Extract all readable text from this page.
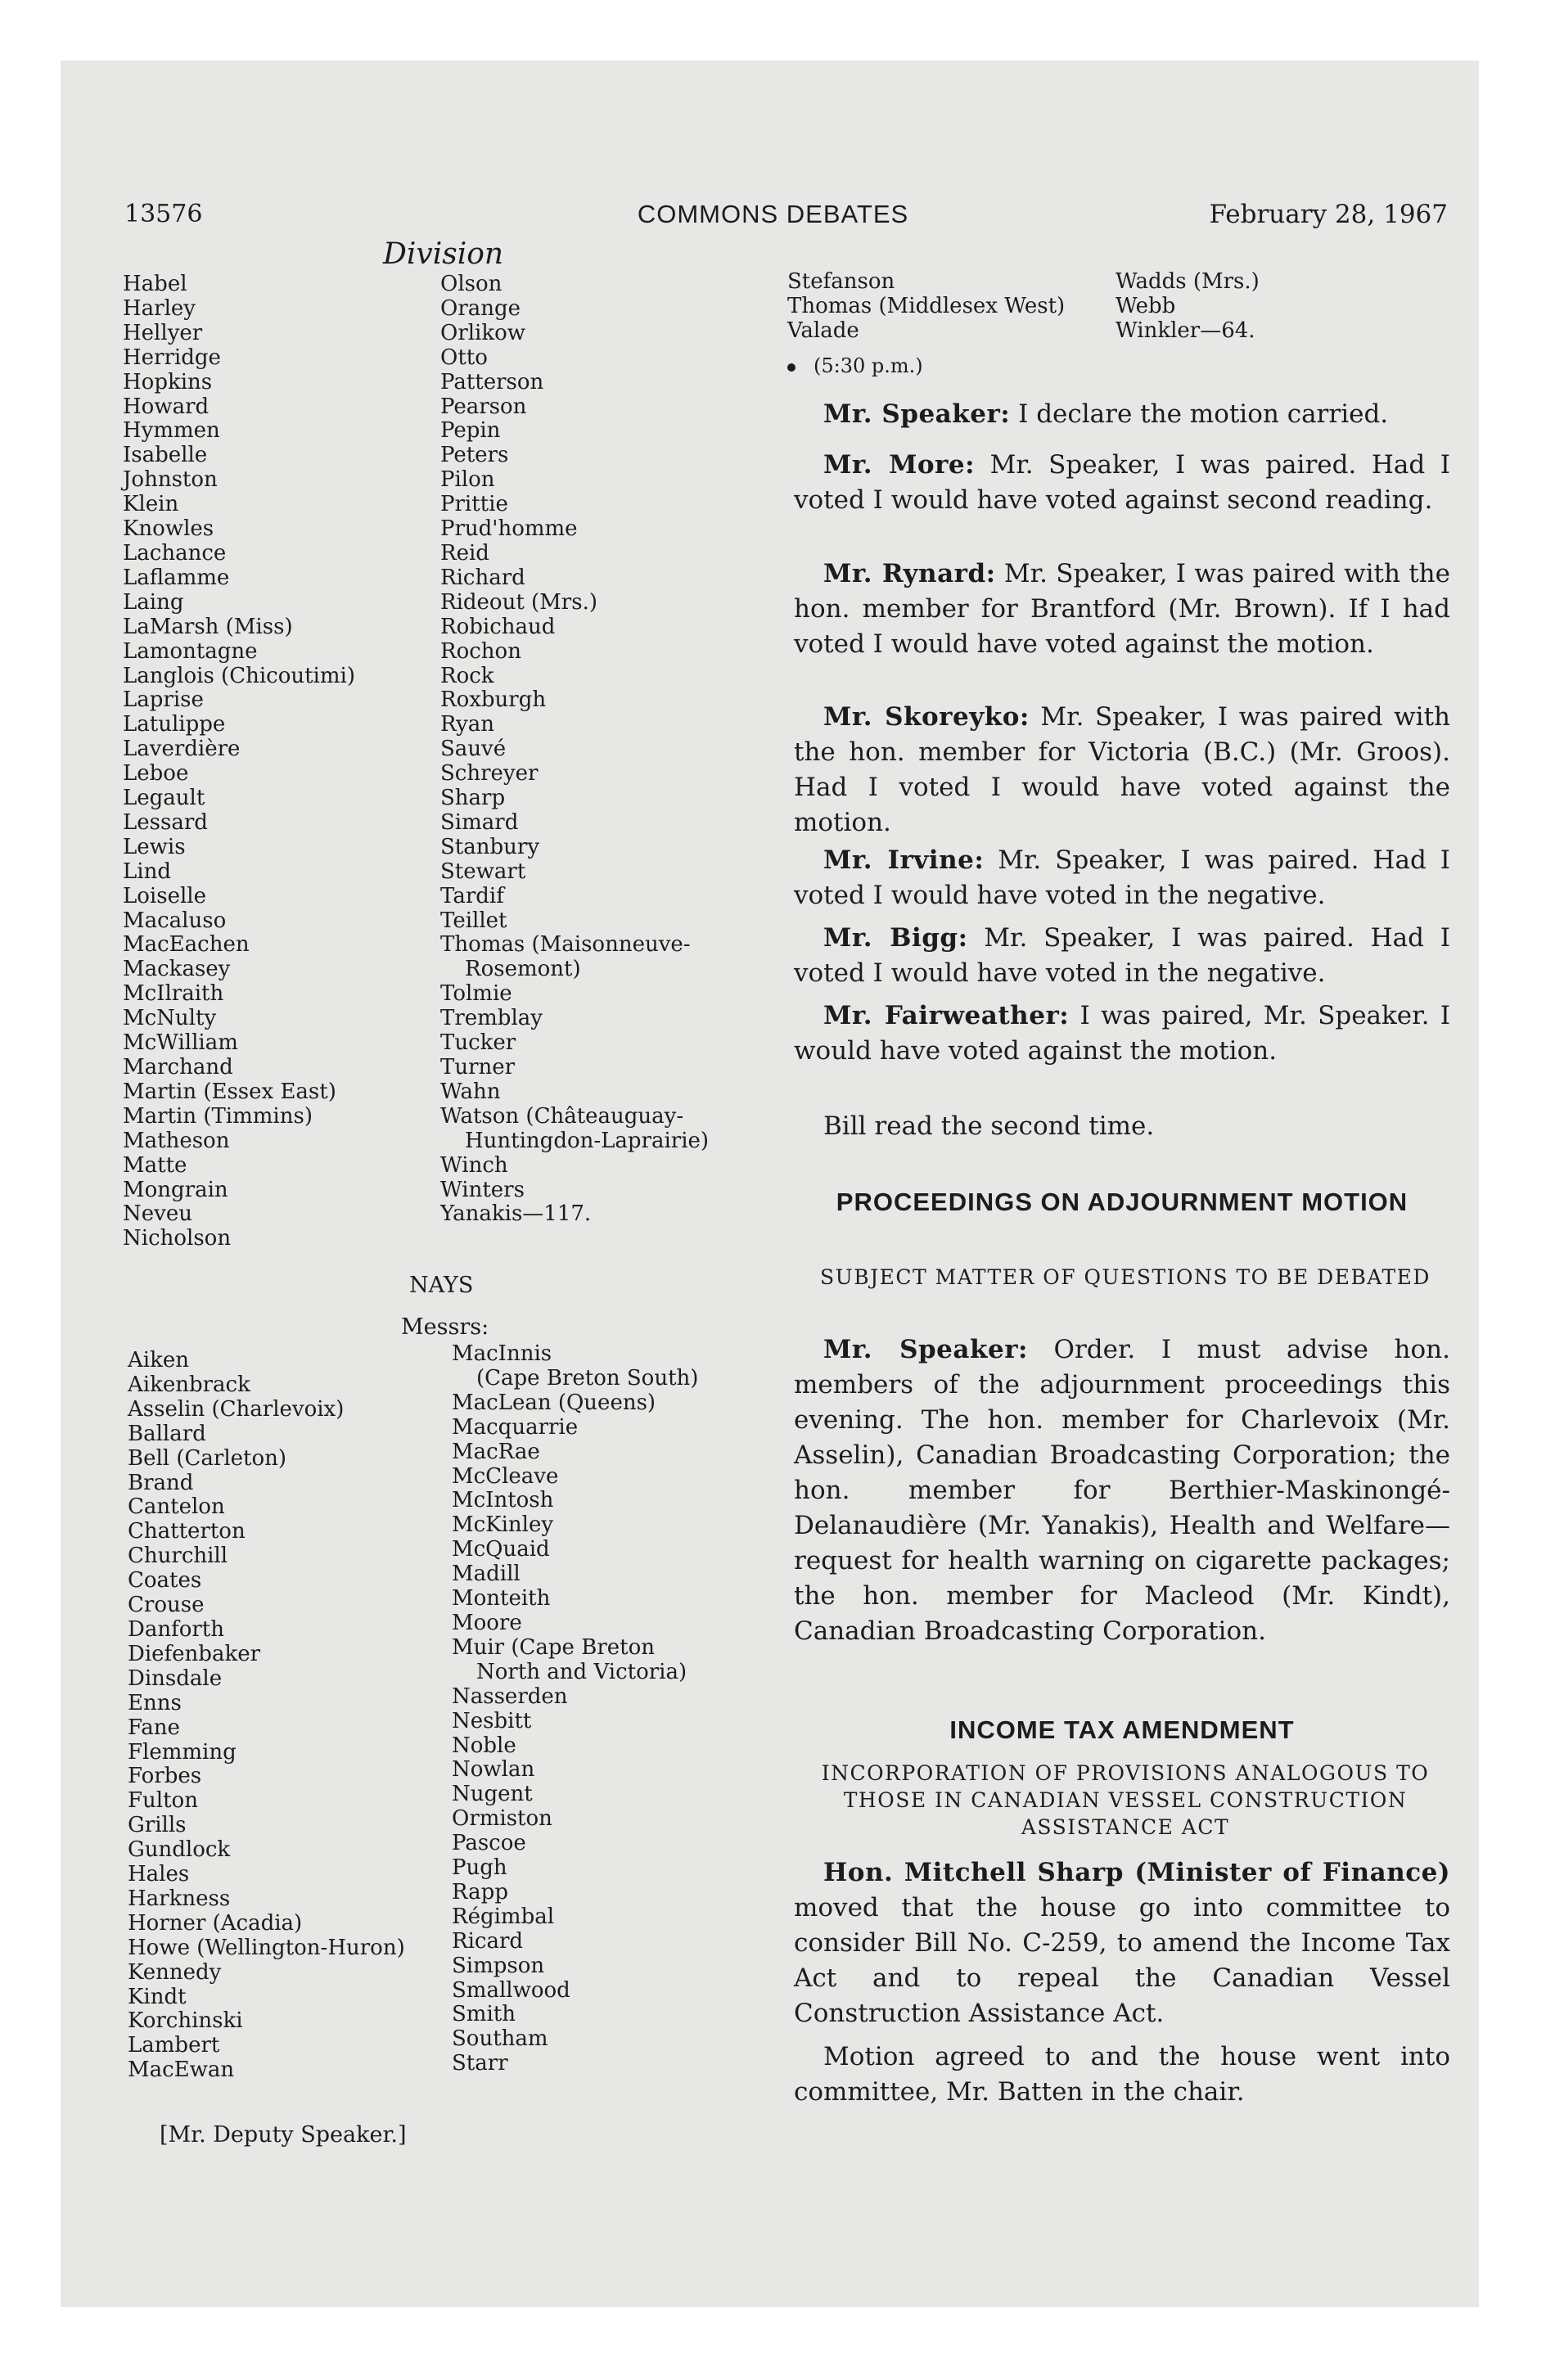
13576	COMMONS DEBATES	February 28, 1967
Division
Habel
Harley
Hellyer
Herridge
Hopkins
Howard
Hymmen
Isabelle
Johnston
Klein
Knowles
Lachance
Laflamme
Laing
LaMarsh (Miss)
Lamontagne
Langlois (Chicoutimi)
Laprise
Latulippe
Laverdière
Leboe
Legault
Lessard
Lewis
Lind
Loiselle
Macaluso
MacEachen
Mackasey
McIlraith
McNulty
McWilliam
Marchand
Martin (Essex East)
Martin (Timmins)
Matheson
Matte
Mongrain
Neveu
Nicholson
Olson
Orange
Orlikow
Otto
Patterson
Pearson
Pepin
Peters
Pilon
Prittie
Prud'homme
Reid
Richard
Rideout (Mrs.)
Robichaud
Rochon
Rock
Roxburgh
Ryan
Sauvé
Schreyer
Sharp
Simard
Stanbury
Stewart
Tardif
Teillet
Thomas (Maisonneuve-
Rosemont)
Tolmie
Tremblay
Tucker
Turner
Wahn
Watson (Châteauguay-
Huntingdon-Laprairie)
Winch
Winters
Yanakis—117.
NAYS
Messrs:
Aiken
Aikenbrack
Asselin (Charlevoix)
Ballard
Bell (Carleton)
Brand
Cantelon
Chatterton
Churchill
Coates
Crouse
Danforth
Diefenbaker
Dinsdale
Enns
Fane
Flemming
Forbes
Fulton
Grills
Gundlock
Hales
Harkness
Horner (Acadia)
Howe (Wellington-Huron)
Kennedy
Kindt
Korchinski
Lambert
MacEwan
MacInnis
(Cape Breton South)
MacLean (Queens)
Macquarrie
MacRae
McCleave
McIntosh
McKinley
McQuaid
Madill
Monteith
Moore
Muir (Cape Breton
North and Victoria)
Nasserden
Nesbitt
Noble
Nowlan
Nugent
Ormiston
Pascoe
Pugh
Rapp
Régimbal
Ricard
Simpson
Smallwood
Smith
Southam
Starr
[Mr. Deputy Speaker.]
Stefanson
Thomas (Middlesex West)
Valade
Wadds (Mrs.)
Webb
Winkler—64.
(5:30 p.m.)
Mr. Speaker: I declare the motion carried.
Mr. More: Mr. Speaker, I was paired. Had I voted I would have voted against second reading.
Mr. Rynard: Mr. Speaker, I was paired with the hon. member for Brantford (Mr. Brown). If I had voted I would have voted against the motion.
Mr. Skoreyko: Mr. Speaker, I was paired with the hon. member for Victoria (B.C.) (Mr. Groos). Had I voted I would have voted against the motion.
Mr. Irvine: Mr. Speaker, I was paired. Had I voted I would have voted in the negative.
Mr. Bigg: Mr. Speaker, I was paired. Had I voted I would have voted in the negative.
Mr. Fairweather: I was paired, Mr. Speaker. I would have voted against the motion.
Bill read the second time.
PROCEEDINGS ON ADJOURNMENT MOTION
SUBJECT MATTER OF QUESTIONS TO BE DEBATED
Mr. Speaker: Order. I must advise hon. members of the adjournment proceedings this evening. The hon. member for Charlevoix (Mr. Asselin), Canadian Broadcasting Corporation; the hon. member for Berthier-Maskinongé-Delanaudière (Mr. Yanakis), Health and Welfare—request for health warning on cigarette packages; the hon. member for Macleod (Mr. Kindt), Canadian Broadcasting Corporation.
INCOME TAX AMENDMENT
INCORPORATION OF PROVISIONS ANALOGOUS TO THOSE IN CANADIAN VESSEL CONSTRUCTION ASSISTANCE ACT
Hon. Mitchell Sharp (Minister of Finance) moved that the house go into committee to consider Bill No. C-259, to amend the Income Tax Act and to repeal the Canadian Vessel Construction Assistance Act.
Motion agreed to and the house went into committee, Mr. Batten in the chair.
